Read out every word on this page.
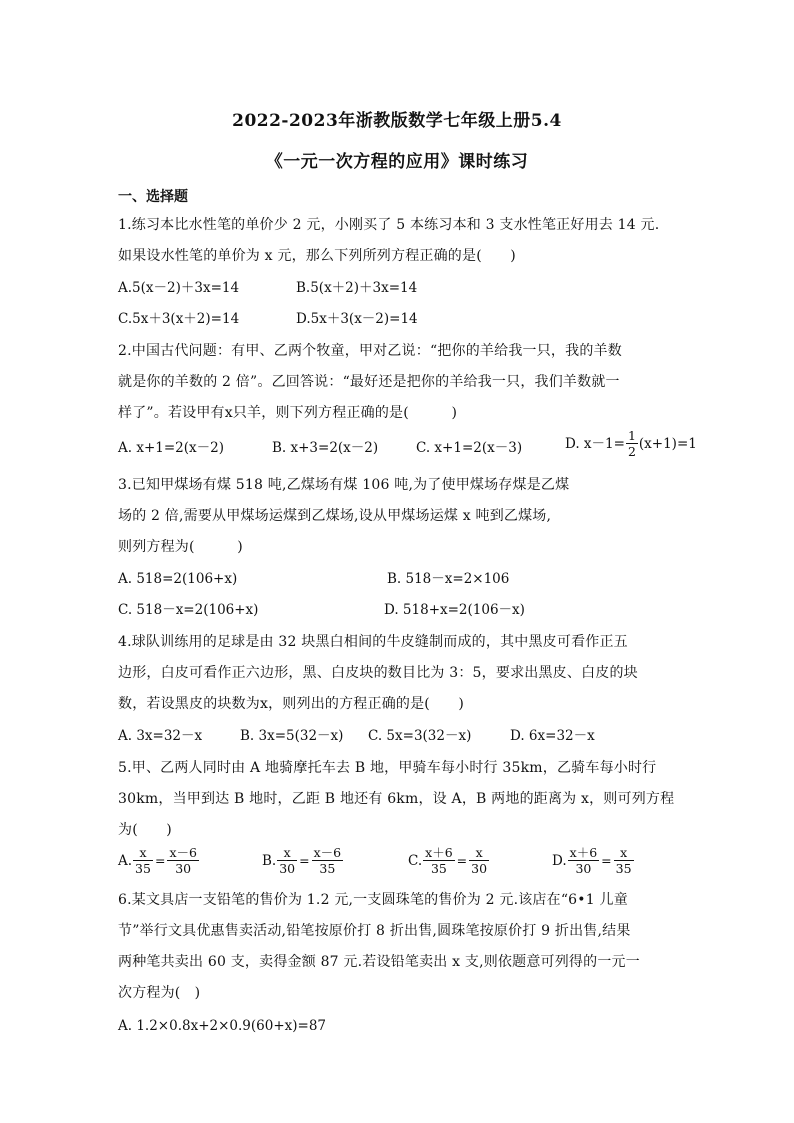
2022-2023年浙教版数学七年级上册5.4
《一元一次方程的应用》课时练习
一、选择题
1.练习本比水性笔的单价少 2 元，小刚买了 5 本练习本和 3 支水性笔正好用去 14 元.
如果设水性笔的单价为 x 元，那么下列所列方程正确的是(　　)
A.5(x－2)＋3x=14	B.5(x＋2)＋3x=14
C.5x＋3(x＋2)=14	D.5x＋3(x－2)=14
2.中国古代问题：有甲、乙两个牧童，甲对乙说：“把你的羊给我一只，我的羊数
就是你的羊数的 2 倍”。乙回答说：“最好还是把你的羊给我一只，我们羊数就一
样了”。若设甲有x只羊，则下列方程正确的是(　　　)
A. x+1=2(x－2)	B. x+3=2(x－2)	C. x+1=2(x－3)	D. $x-1= \frac{1}{2} (x+1)=1$
3.已知甲煤场有煤 518 吨,乙煤场有煤 106 吨,为了使甲煤场存煤是乙煤
场的 2 倍,需要从甲煤场运煤到乙煤场,设从甲煤场运煤 x 吨到乙煤场,
则列方程为(　　　)
A. 518=2(106+x)	B. 518－x=2×106
C. 518－x=2(106+x)	D. 518+x=2(106－x)
4.球队训练用的足球是由 32 块黑白相间的牛皮缝制而成的，其中黑皮可看作正五
边形，白皮可看作正六边形，黑、白皮块的数目比为 3：5，要求出黑皮、白皮的块
数，若设黑皮的块数为x，则列出的方程正确的是(　　)
A. 3x=32－x	B. 3x=5(32－x) C. 5x=3(32－x)	D. 6x=32－x
5.甲、乙两人同时由 A 地骑摩托车去 B 地，甲骑车每小时行 35km，乙骑车每小时行
30km，当甲到达 B 地时，乙距 B 地还有 6km，设 A，B 两地的距离为 x，则可列方程
为(　　)
A. $\frac{x}{35} = \frac{x-6}{30}$	B. $\frac{x}{30} = \frac{x-6}{35}$	C. $\frac{x+6}{35} = \frac{x}{30}$	D. $\frac{x+6}{30} = \frac{x}{35}$
6.某文具店一支铅笔的售价为 1.2 元,一支圆珠笔的售价为 2 元.该店在“6•1 儿童
节”举行文具优惠售卖活动,铅笔按原价打 8 折出售,圆珠笔按原价打 9 折出售,结果
两种笔共卖出 60 支，卖得金额 87 元.若设铅笔卖出 x 支,则依题意可列得的一元一
次方程为(　)
A. 1.2×0.8x+2×0.9(60+x)=87
